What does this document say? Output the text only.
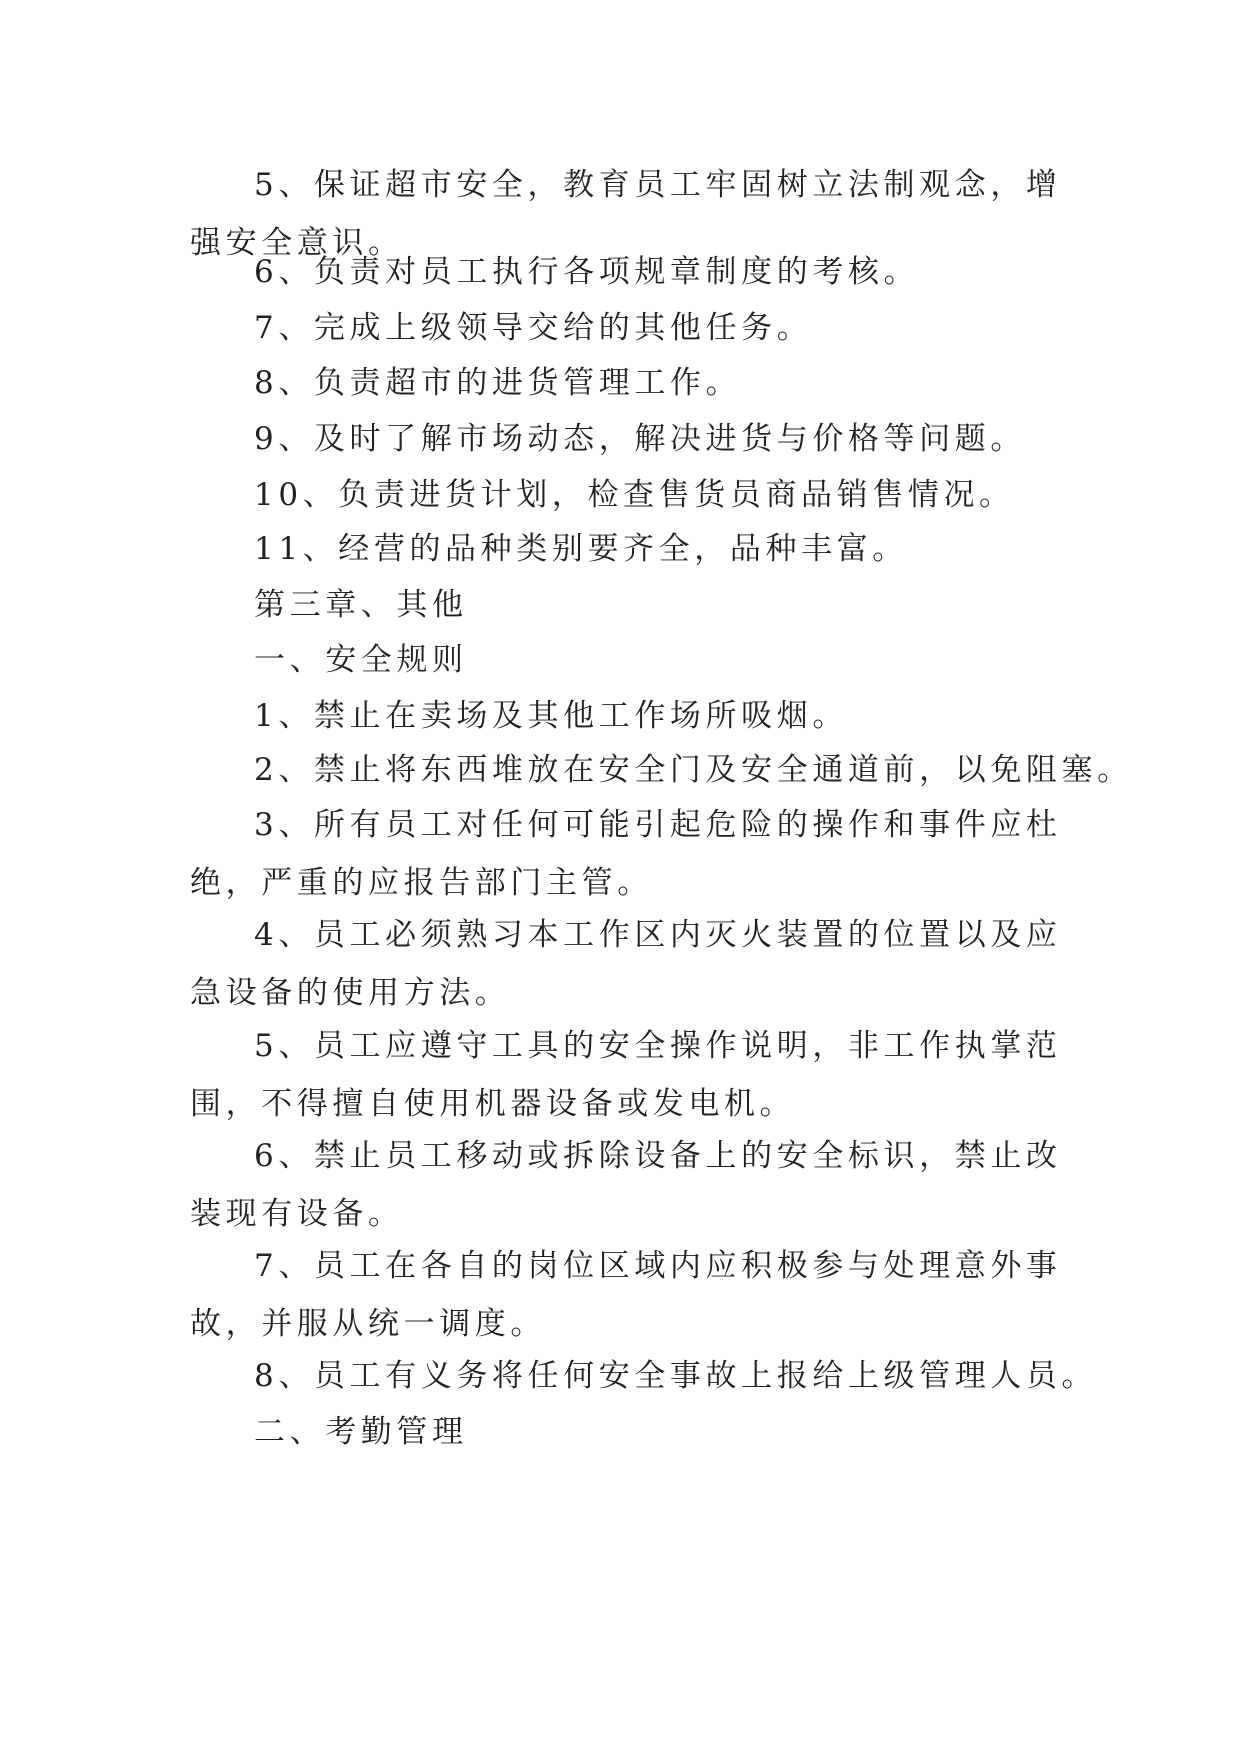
5、保证超市安全，教育员工牢固树立法制观念，增强安全意识。

6、负责对员工执行各项规章制度的考核。

7、完成上级领导交给的其他任务。

8、负责超市的进货管理工作。

9、及时了解市场动态，解决进货与价格等问题。

10、负责进货计划，检查售货员商品销售情况。

11、经营的品种类别要齐全，品种丰富。

第三章、其他

一、安全规则

1、禁止在卖场及其他工作场所吸烟。

2、禁止将东西堆放在安全门及安全通道前，以免阻塞。

3、所有员工对任何可能引起危险的操作和事件应杜绝，严重的应报告部门主管。

4、员工必须熟习本工作区内灭火装置的位置以及应急设备的使用方法。

5、员工应遵守工具的安全操作说明，非工作执掌范围，不得擅自使用机器设备或发电机。

6、禁止员工移动或拆除设备上的安全标识，禁止改装现有设备。

7、员工在各自的岗位区域内应积极参与处理意外事故，并服从统一调度。

8、员工有义务将任何安全事故上报给上级管理人员。

二、考勤管理
